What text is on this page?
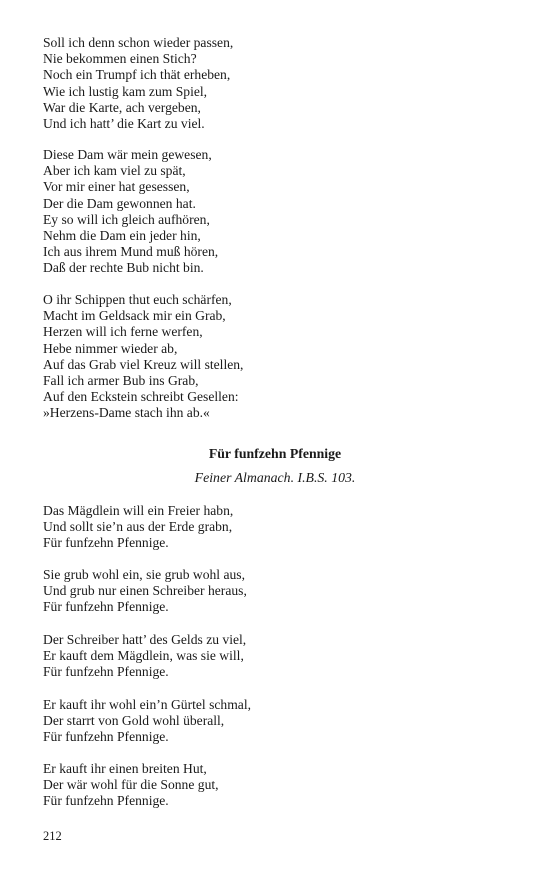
Soll ich denn schon wieder passen,

Nie bekommen einen Stich?

Noch ein Trumpf ich thät erheben,

Wie ich lustig kam zum Spiel,

War die Karte, ach vergeben,

Und ich hatt’ die Kart zu viel.

Diese Dam wär mein gewesen,

Aber ich kam viel zu spät,

Vor mir einer hat gesessen,

Der die Dam gewonnen hat.

Ey so will ich gleich aufhören,

Nehm die Dam ein jeder hin,

Ich aus ihrem Mund muß hören,

Daß der rechte Bub nicht bin.

O ihr Schippen thut euch schärfen,

Macht im Geldsack mir ein Grab,

Herzen will ich ferne werfen,

Hebe nimmer wieder ab,

Auf das Grab viel Kreuz will stellen,

Fall ich armer Bub ins Grab,

Auf den Eckstein schreibt Gesellen:

»Herzens-Dame stach ihn ab.«

Für funfzehn Pfennige

Feiner Almanach. I.B.S. 103.

Das Mägdlein will ein Freier habn,

Und sollt sie’n aus der Erde grabn,

Für funfzehn Pfennige.

Sie grub wohl ein, sie grub wohl aus,

Und grub nur einen Schreiber heraus,

Für funfzehn Pfennige.

Der Schreiber hatt’ des Gelds zu viel,

Er kauft dem Mägdlein, was sie will,

Für funfzehn Pfennige.

Er kauft ihr wohl ein’n Gürtel schmal,

Der starrt von Gold wohl überall,

Für funfzehn Pfennige.

Er kauft ihr einen breiten Hut,

Der wär wohl für die Sonne gut,

Für funfzehn Pfennige.

212
